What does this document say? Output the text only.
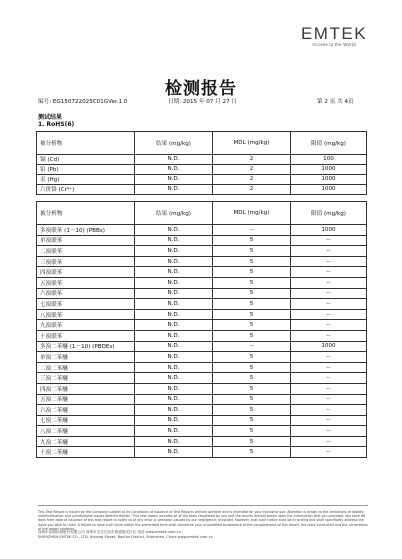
EMTEK
Access to the World
检测报告
编号: EG150722025C01GVer.1.0	日期: 2015 年 07 月 27 日	第 2 页 共 4页
测试结果
1. RoHS(6)
被分析物	结果 (mg/kg)	MDL (mg/kg)	限值 (mg/kg)
镉 (Cd)	N.D.	2	100
铅 (Pb)	N.D.	2	1000
汞 (Hg)	N.D.	2	1000
六价铬 (Cr⁶⁺)	N.D.	2	1000
被分析物	结果 (mg/kg)	MDL (mg/kg)	限值 (mg/kg)
多溴联苯 (1－10) (PBBs)	N.D.	--	1000
单溴联苯	N.D.	5	--
二溴联苯	N.D.	5	--
三溴联苯	N.D.	5	--
四溴联苯	N.D.	5	--
五溴联苯	N.D.	5	--
六溴联苯	N.D.	5	--
七溴联苯	N.D.	5	--
八溴联苯	N.D.	5	--
九溴联苯	N.D.	5	--
十溴联苯	N.D.	5	--
多溴二苯醚 (1－10) (PBDEs)	N.D.	--	1000
单溴二苯醚	N.D.	5	--
二溴二苯醚	N.D.	5	--
三溴二苯醚	N.D.	5	--
四溴二苯醚	N.D.	5	--
五溴二苯醚	N.D.	5	--
六溴二苯醚	N.D.	5	--
七溴二苯醚	N.D.	5	--
八溴二苯醚	N.D.	5	--
九溴二苯醚	N.D.	5	--
十溴二苯醚	N.D.	5	--
This Test Report is issued by the Company subject to its Conditions of issuance of Test Reports printed overleaf and is intended for your exclusive use. Attention is drawn to the limitations of liability, indemnification and jurisdictional issues defined therein. This test report includes all of the tests requested by you and the results thereof based upon the information that you provided. You have 60 days from date of issuance of this test report to notify us of any error or omission caused by our negligence; provided, however, that such notice shall be in writing and shall specifically address the issue you wish to raise. A failure to raise such issue within the prescribed time shall constitute your unqualified acceptance of the completeness of this report, the tests conducted and the correctness of the report contents.
深圳市倍测检测股份有限公司 深圳市宝安区西乡街道固戍社区 电话 www.emtek.com.cn
SHENZHEN EMTEK CO., LTD. Xixiang Street, Bao'an District, Shenzhen, China www.emtek.com.cn
